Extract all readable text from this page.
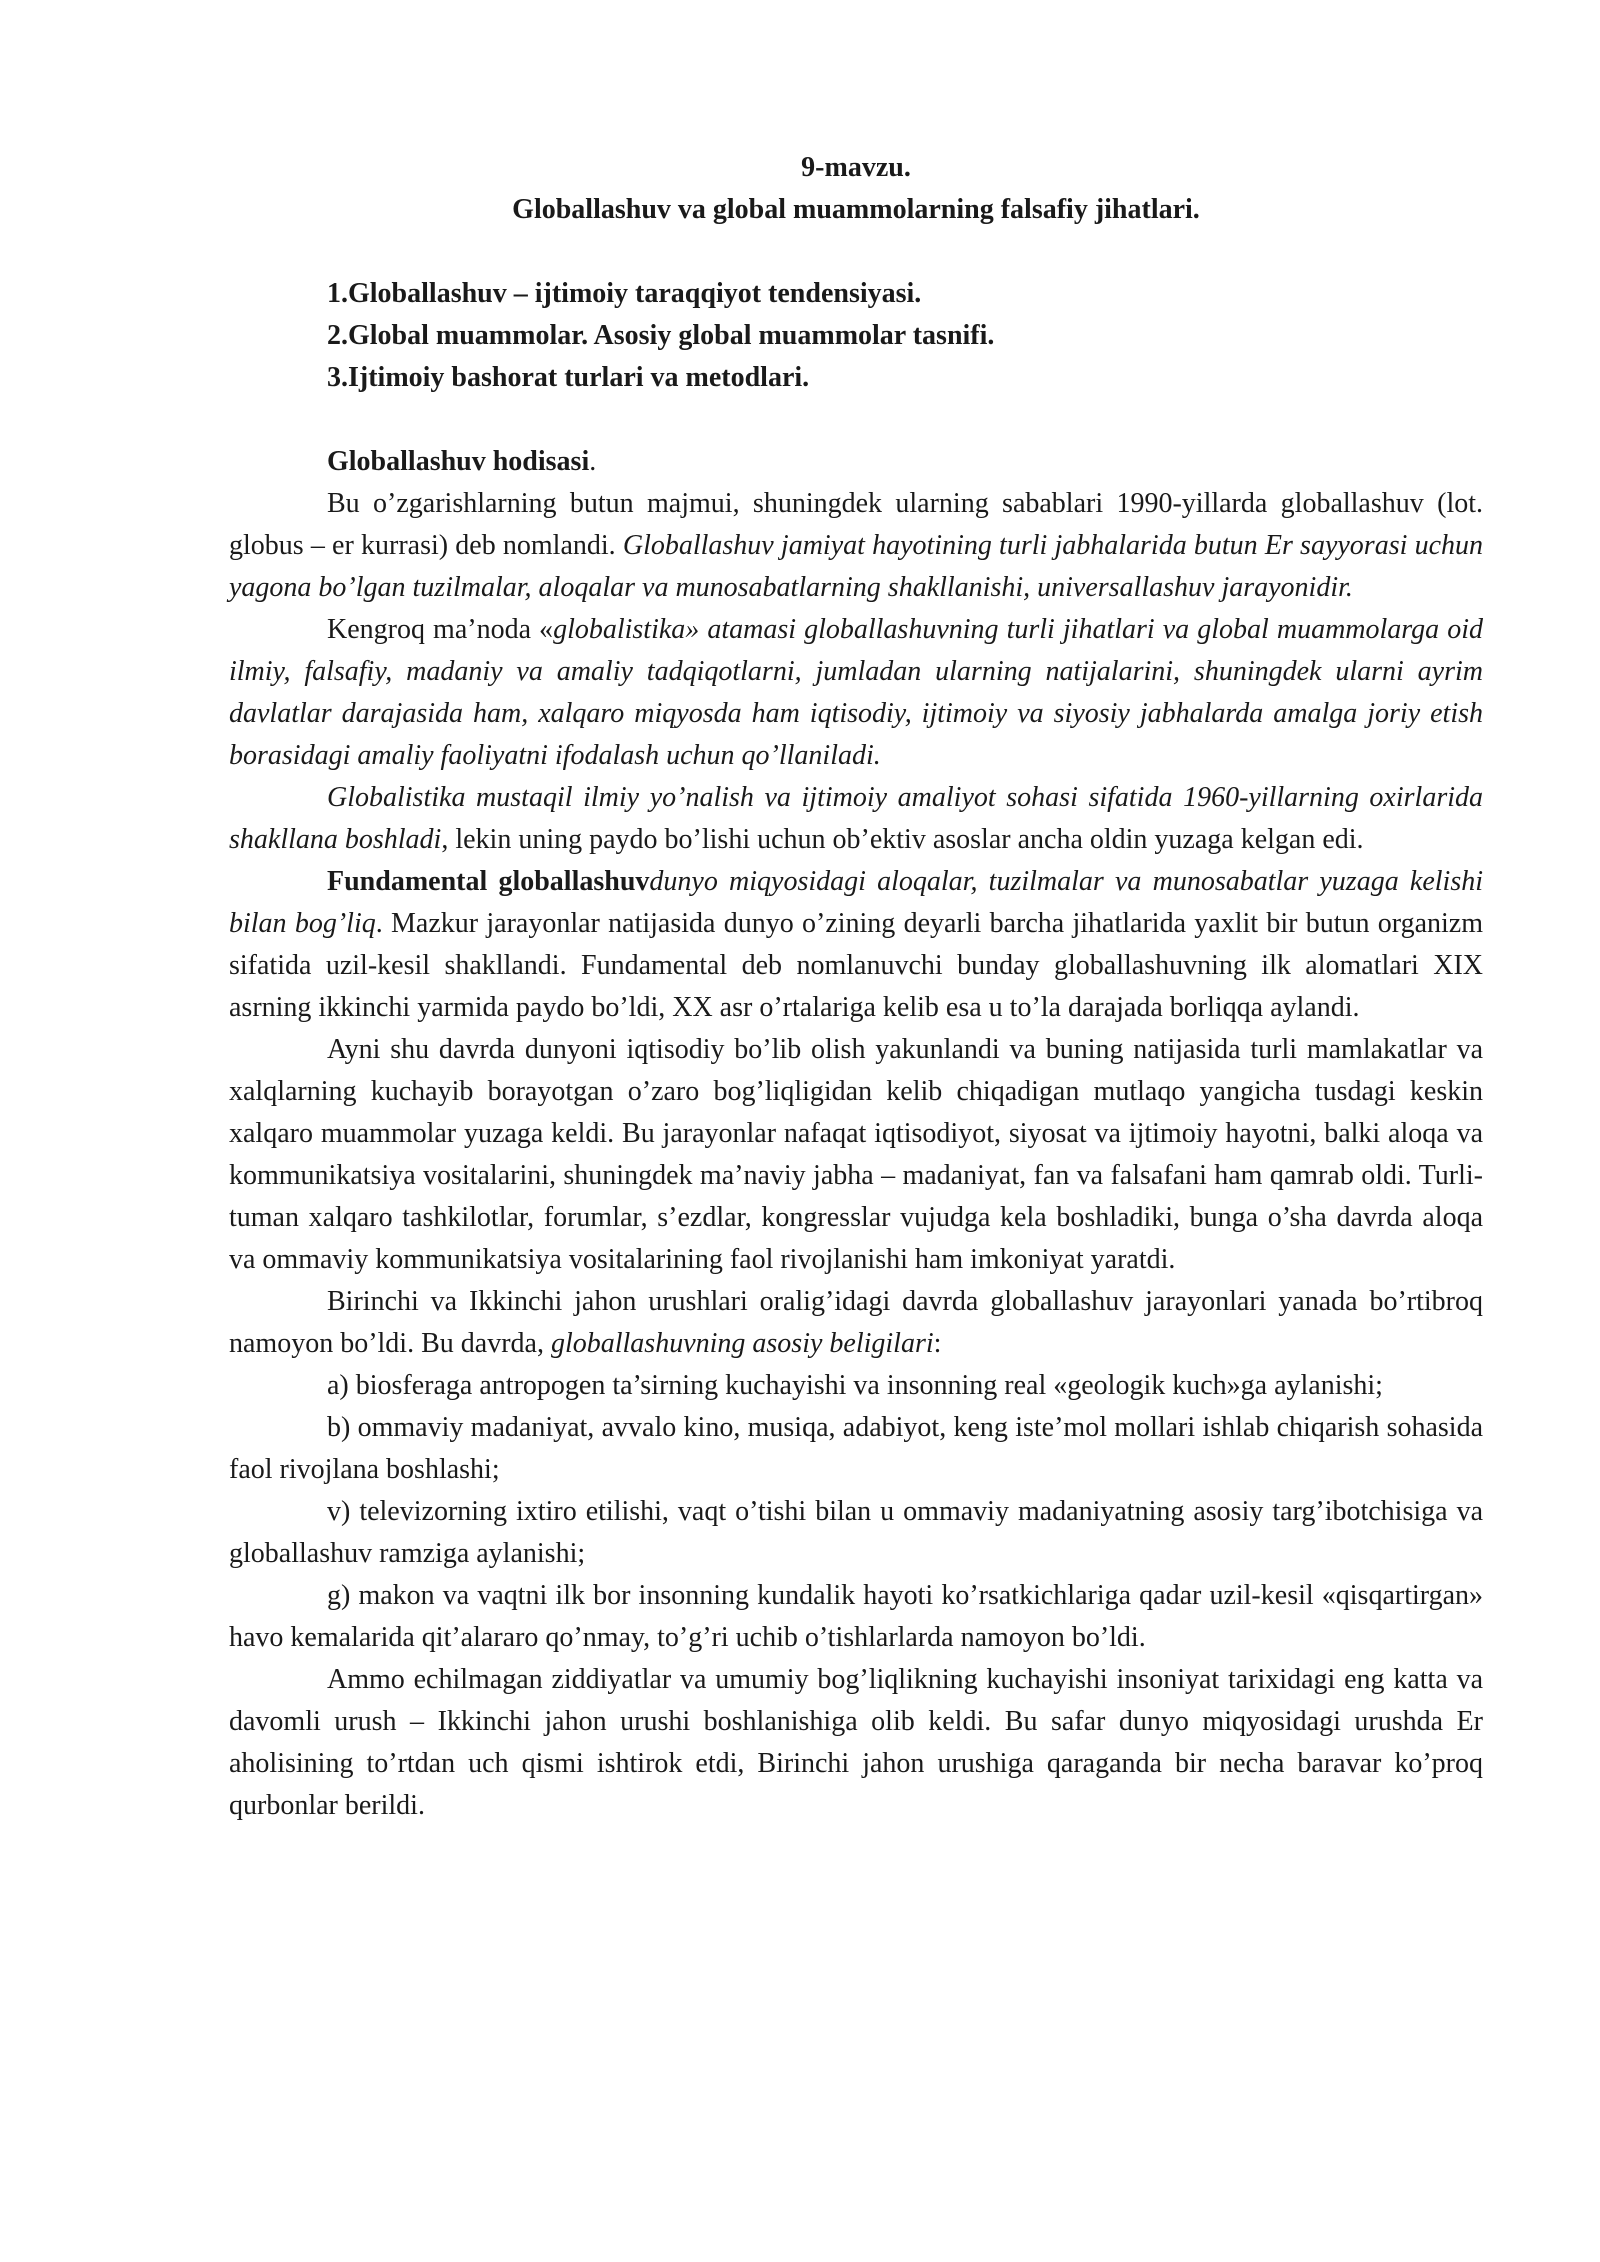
9-mavzu.

Globallashuv va global muammolarning falsafiy jihatlari.

1.Globallashuv – ijtimoiy taraqqiyot tendensiyasi.

2.Global muammolar. Asosiy global muammolar tasnifi.

3.Ijtimoiy bashorat turlari va metodlari.

Globallashuv hodisasi.

Bu o’zgarishlarning butun majmui, shuningdek ularning sabablari 1990-yillarda globallashuv (lot. globus – er kurrasi) deb nomlandi. Globallashuv jamiyat hayotining turli jabhalarida butun Er sayyorasi uchun yagona bo’lgan tuzilmalar, aloqalar va munosabatlarning shakllanishi, universallashuv jarayonidir.

Kengroq ma’noda «globalistika» atamasi globallashuvning turli jihatlari va global muammolarga oid ilmiy, falsafiy, madaniy va amaliy tadqiqotlarni, jumladan ularning natijalarini, shuningdek ularni ayrim davlatlar darajasida ham, xalqaro miqyosda ham iqtisodiy, ijtimoiy va siyosiy jabhalarda amalga joriy etish borasidagi amaliy faoliyatni ifodalash uchun qo’llaniladi.

Globalistika mustaqil ilmiy yo’nalish va ijtimoiy amaliyot sohasi sifatida 1960-yillarning oxirlarida shakllana boshladi, lekin uning paydo bo’lishi uchun ob’ektiv asoslar ancha oldin yuzaga kelgan edi.

Fundamental globallashuvdunyo miqyosidagi aloqalar, tuzilmalar va munosabatlar yuzaga kelishi bilan bog’liq. Mazkur jarayonlar natijasida dunyo o’zining deyarli barcha jihatlarida yaxlit bir butun organizm sifatida uzil-kesil shakllandi. Fundamental deb nomlanuvchi bunday globallashuvning ilk alomatlari XIX asrning ikkinchi yarmida paydo bo’ldi, XX asr o’rtalariga kelib esa u to’la darajada borliqqa aylandi.

Ayni shu davrda dunyoni iqtisodiy bo’lib olish yakunlandi va buning natijasida turli mamlakatlar va xalqlarning kuchayib borayotgan o’zaro bog’liqligidan kelib chiqadigan mutlaqo yangicha tusdagi keskin xalqaro muammolar yuzaga keldi. Bu jarayonlar nafaqat iqtisodiyot, siyosat va ijtimoiy hayotni, balki aloqa va kommunikatsiya vositalarini, shuningdek ma’naviy jabha – madaniyat, fan va falsafani ham qamrab oldi. Turli-tuman xalqaro tashkilotlar, forumlar, s’ezdlar, kongresslar vujudga kela boshladiki, bunga o’sha davrda aloqa va ommaviy kommunikatsiya vositalarining faol rivojlanishi ham imkoniyat yaratdi.

Birinchi va Ikkinchi jahon urushlari oralig’idagi davrda globallashuv jarayonlari yanada bo’rtibroq namoyon bo’ldi. Bu davrda, globallashuvning asosiy beligilari:

a) biosferaga antropogen ta’sirning kuchayishi va insonning real «geologik kuch»ga aylanishi;

b) ommaviy madaniyat, avvalo kino, musiqa, adabiyot, keng iste’mol mollari ishlab chiqarish sohasida faol rivojlana boshlashi;

v) televizorning ixtiro etilishi, vaqt o’tishi bilan u ommaviy madaniyatning asosiy targ’ibotchisiga va globallashuv ramziga aylanishi;

g) makon va vaqtni ilk bor insonning kundalik hayoti ko’rsatkichlariga qadar uzil-kesil «qisqartirgan» havo kemalarida qit’alararo qo’nmay, to’g’ri uchib o’tishlarlarda namoyon bo’ldi.

Ammo echilmagan ziddiyatlar va umumiy bog’liqlikning kuchayishi insoniyat tarixidagi eng katta va davomli urush – Ikkinchi jahon urushi boshlanishiga olib keldi. Bu safar dunyo miqyosidagi urushda Er aholisining to’rtdan uch qismi ishtirok etdi, Birinchi jahon urushiga qaraganda bir necha baravar ko’proq qurbonlar berildi.
